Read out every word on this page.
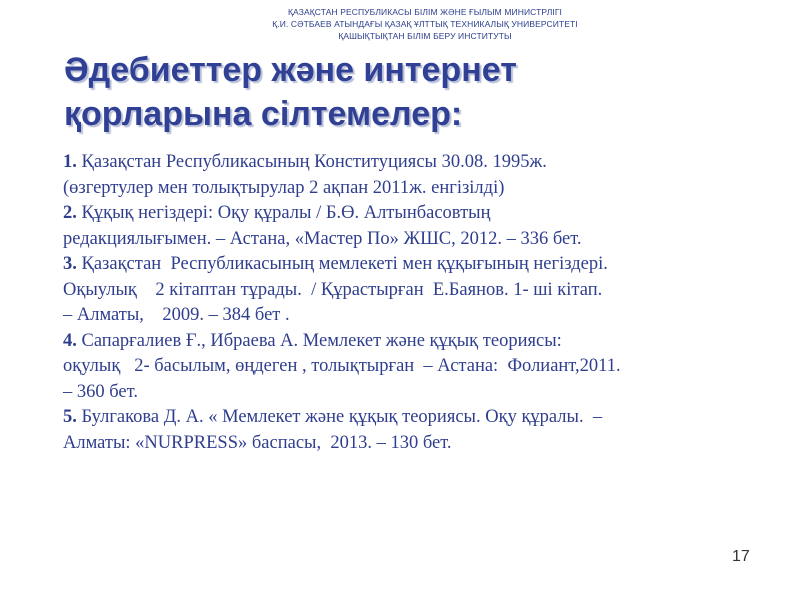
ҚАЗАҚСТАН РЕСПУБЛИКАСЫ БІЛІМ ЖӘНЕ ҒЫЛЫМ МИНИСТРЛІГІ
Қ.И. СӘТБАЕВ АТЫНДАҒЫ ҚАЗАҚ ҰЛТТЫҚ ТЕХНИКАЛЫҚ УНИВЕРСИТЕТІ
ҚАШЫҚТЫҚТАН БІЛІМ БЕРУ ИНСТИТУТЫ
Әдебиеттер және интернет
қорларына сілтемелер:

1. Қазақстан Республикасының Конституциясы 30.08. 1995ж.
(өзгертулер мен толықтырулар 2 ақпан 2011ж. енгізілді)

2. Құқық негіздері: Оқу құралы / Б.Ө. Алтынбасовтың
редакциялығымен. – Астана, «Мастер По» ЖШС, 2012. – 336 бет.

3. Қазақстан  Республикасының мемлекеті мен құқығының негіздері.
Оқыулық    2 кітаптан тұрады.  / Құрастырған  Е.Баянов. 1- ші кітап.
– Алматы,    2009. – 384 бет .

4. Сапарғалиев Ғ., Ибраева А. Мемлекет және құқық теориясы:
оқулық   2- басылым, өңдеген , толықтырған  – Астана:  Фолиант,2011.
– 360 бет.

5. Булгакова Д. А. « Мемлекет және құқық теориясы. Оқу құралы.  –
Алматы: «NURPRESS» баспасы,  2013. – 130 бет.

17
